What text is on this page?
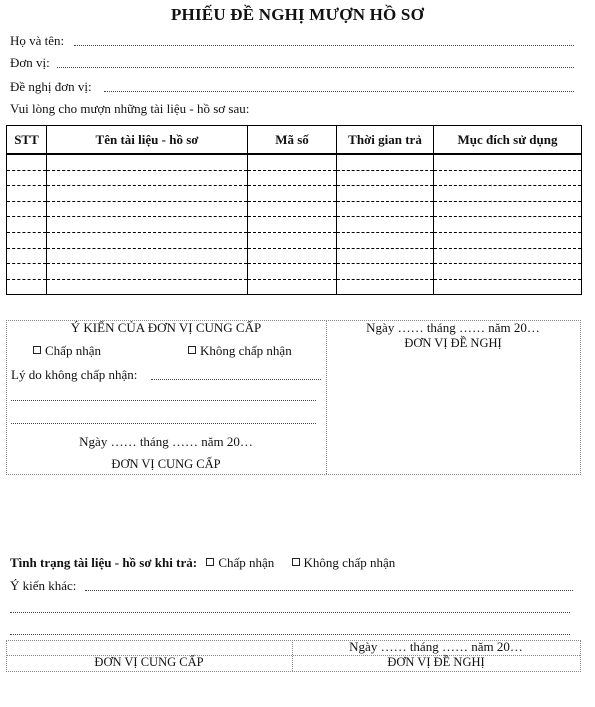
PHIẾU ĐỀ NGHỊ MƯỢN HỒ SƠ
Họ và tên:
Đơn vị:
Đề nghị đơn vị:
Vui lòng cho mượn những tài liệu - hồ sơ sau:
STT	Tên tài liệu - hồ sơ	Mã số	Thời gian trả	Mục đích sử dụng

Ý KIẾN CỦA ĐƠN VỊ CUNG CẤP
Chấp nhận	Không chấp nhận
Lý do không chấp nhận:
Ngày …… tháng …… năm 20…
ĐƠN VỊ CUNG CẤP
Ngày …… tháng …… năm 20…
ĐƠN VỊ ĐỀ NGHỊ
Tình trạng tài liệu - hồ sơ khi trả: Chấp nhận Không chấp nhận
Ý kiến khác:
Ngày …… tháng …… năm 20…
ĐƠN VỊ CUNG CẤP	ĐƠN VỊ ĐỀ NGHỊ
